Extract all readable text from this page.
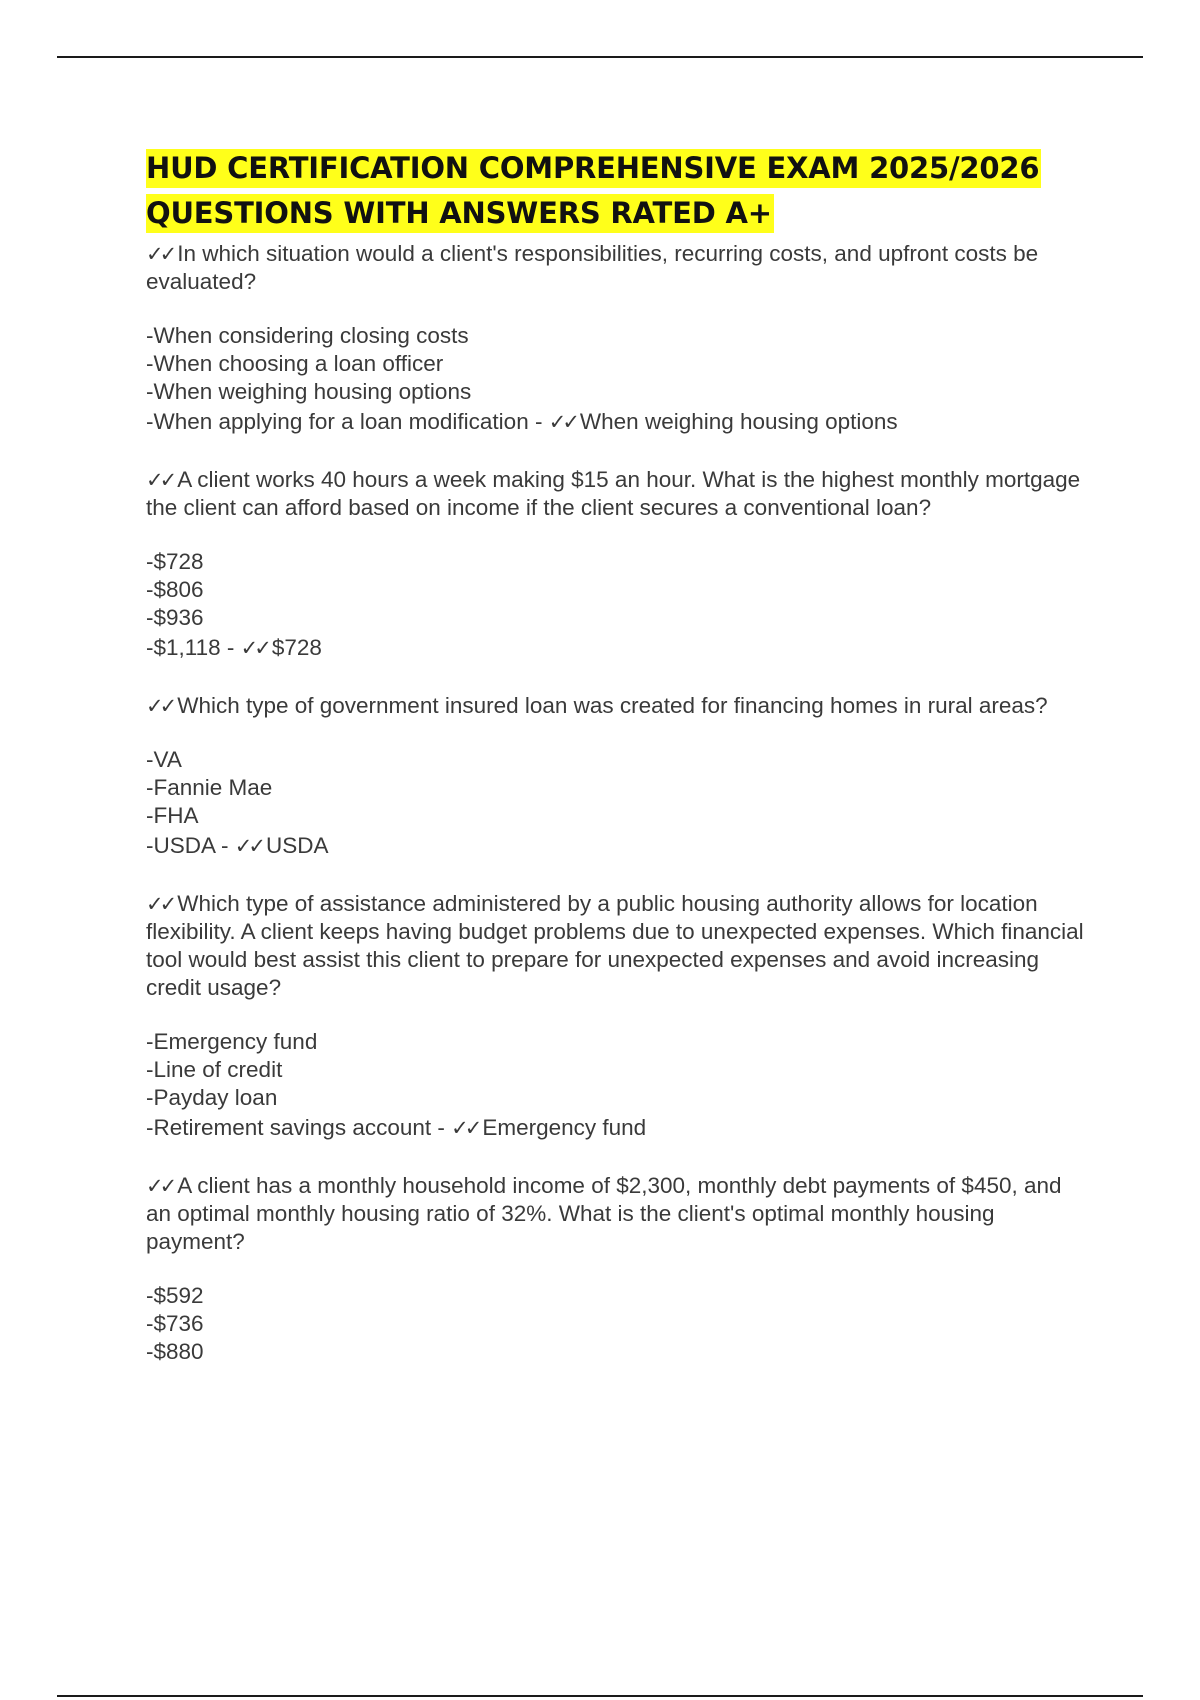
HUD CERTIFICATION COMPREHENSIVE EXAM 2025/2026
QUESTIONS WITH ANSWERS RATED A+

✓✓ In which situation would a client's responsibilities, recurring costs, and upfront costs be evaluated?

-When considering closing costs
-When choosing a loan officer
-When weighing housing options
-When applying for a loan modification - ✓✓ When weighing housing options

✓✓ A client works 40 hours a week making $15 an hour. What is the highest monthly mortgage the client can afford based on income if the client secures a conventional loan?

-$728
-$806
-$936
-$1,118 - ✓✓ $728

✓✓ Which type of government insured loan was created for financing homes in rural areas?

-VA
-Fannie Mae
-FHA
-USDA - ✓✓ USDA

✓✓ Which type of assistance administered by a public housing authority allows for location flexibility. A client keeps having budget problems due to unexpected expenses. Which financial tool would best assist this client to prepare for unexpected expenses and avoid increasing credit usage?

-Emergency fund
-Line of credit
-Payday loan
-Retirement savings account - ✓✓ Emergency fund

✓✓ A client has a monthly household income of $2,300, monthly debt payments of $450, and an optimal monthly housing ratio of 32%. What is the client's optimal monthly housing payment?

-$592
-$736
-$880
